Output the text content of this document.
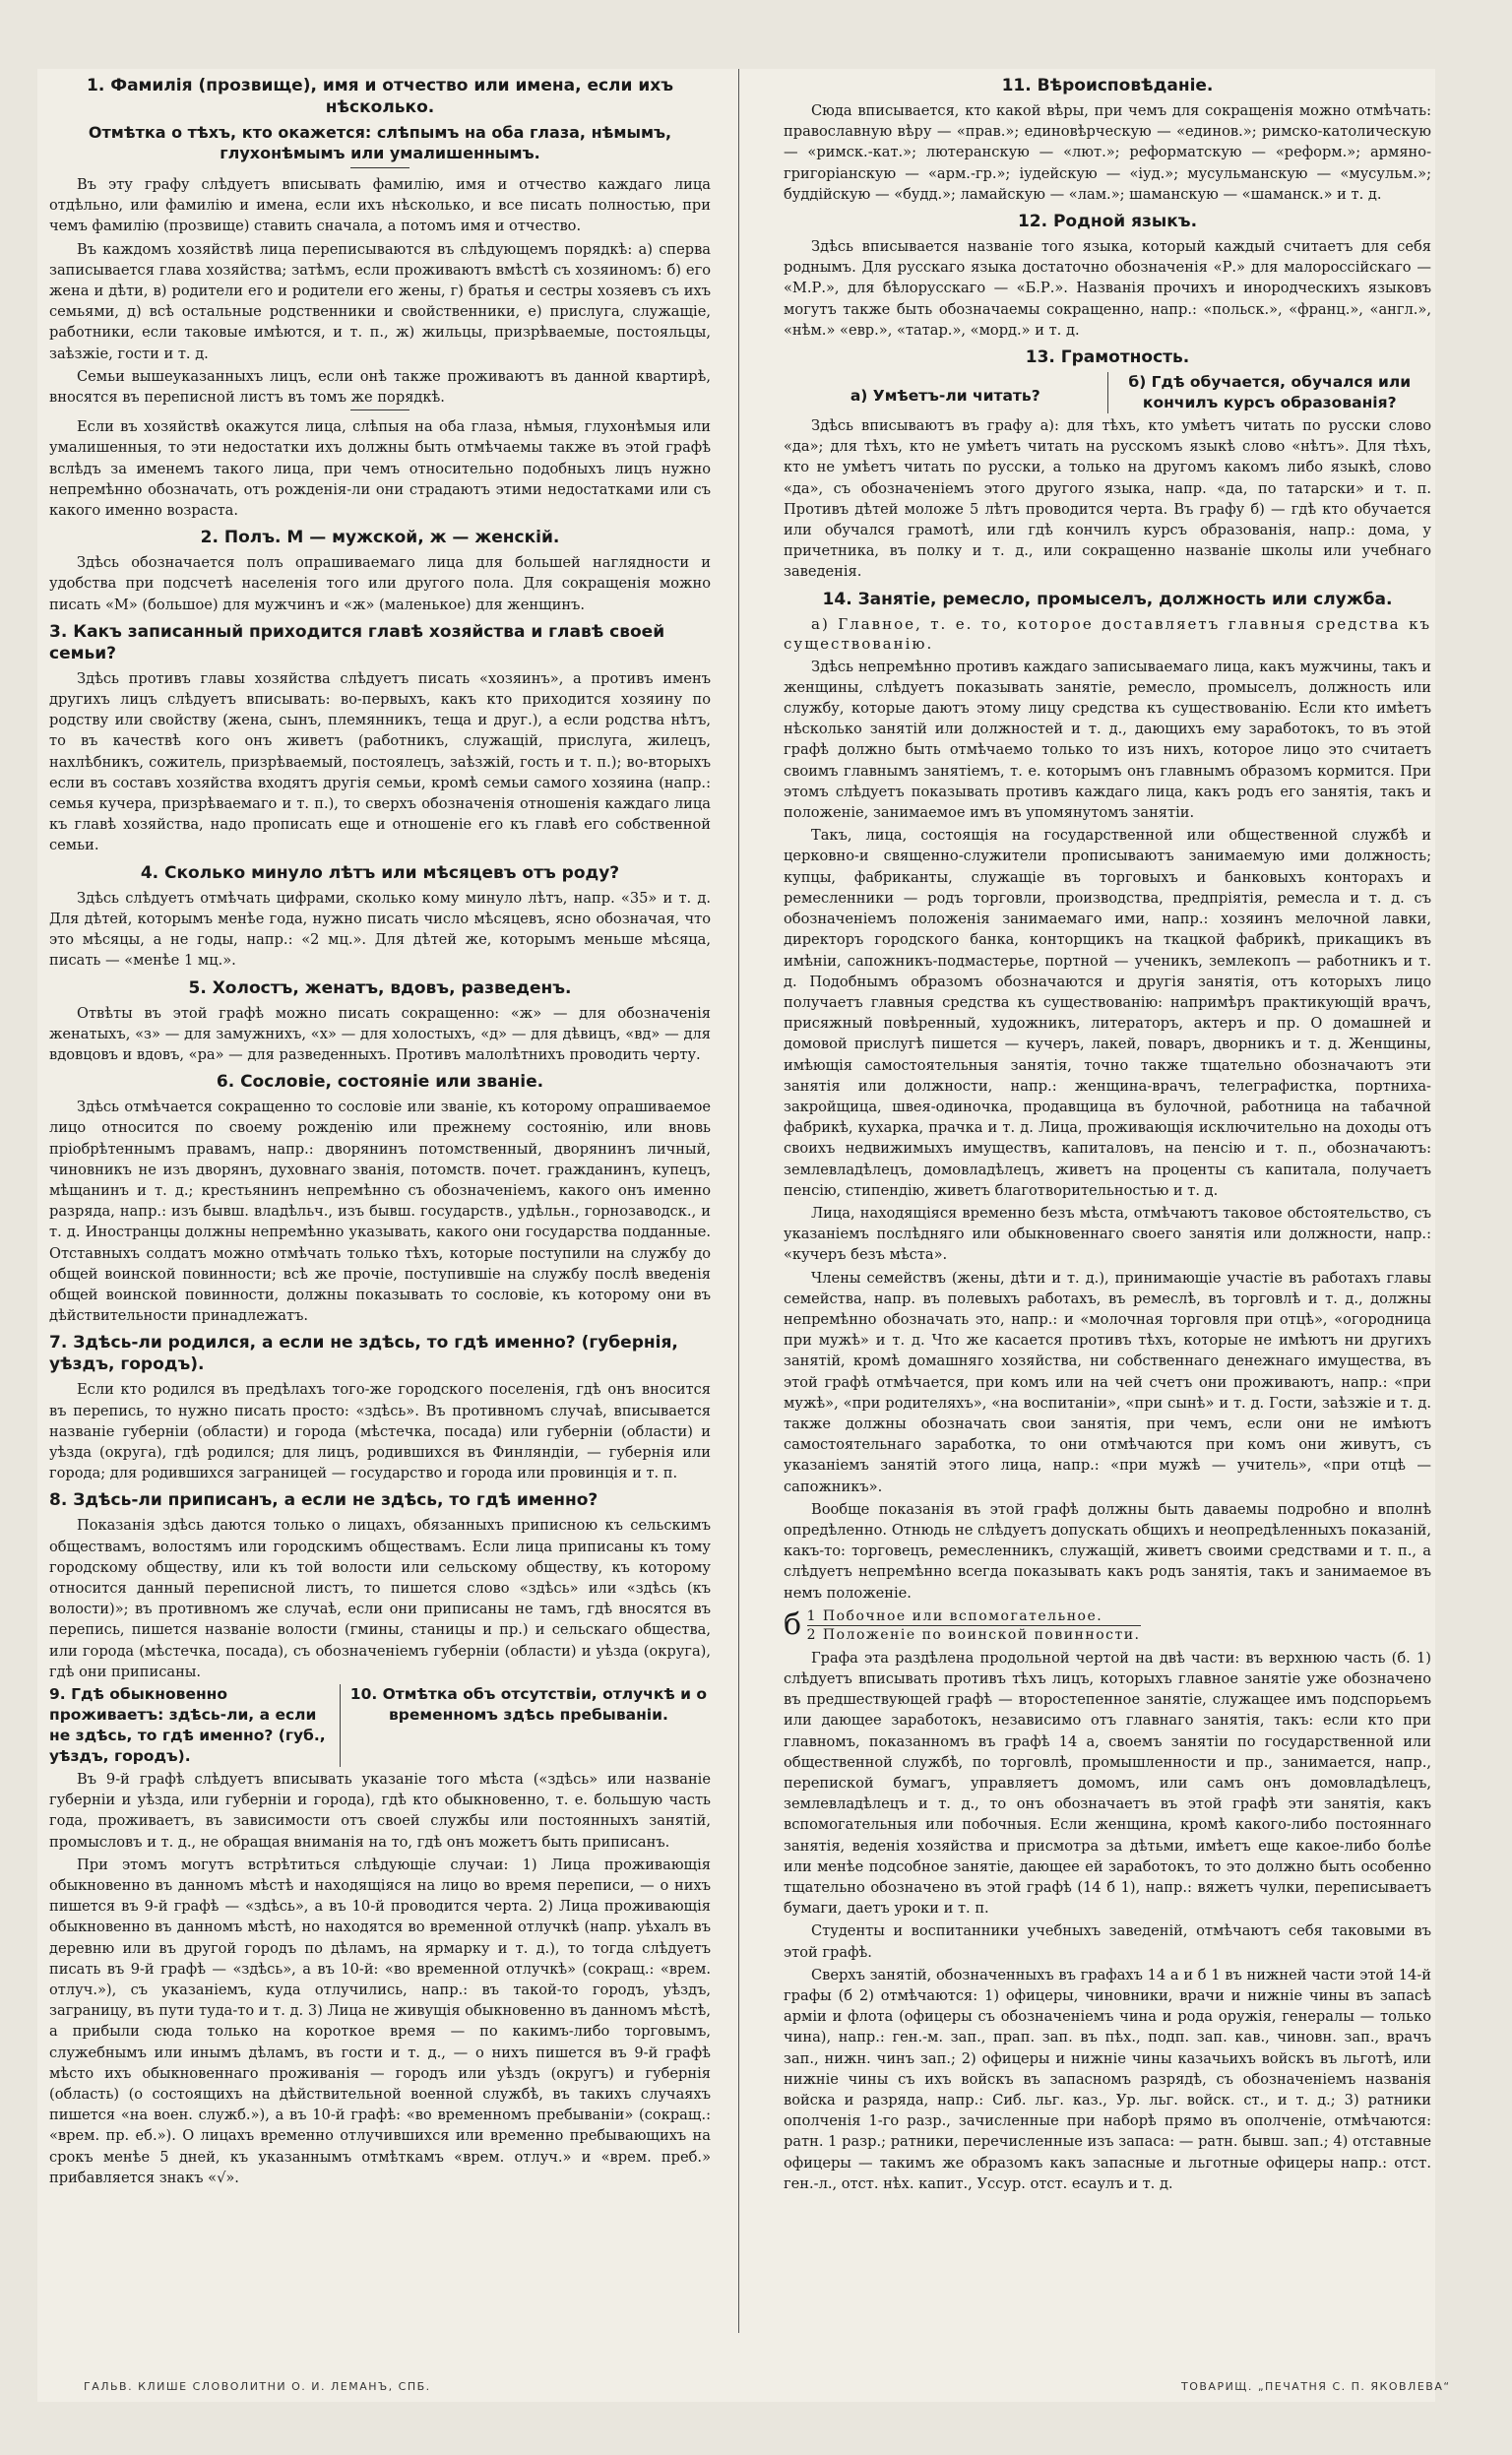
1. Фамилія (прозвище), имя и отчество или имена, если ихъ нѣсколько.
Отмѣтка о тѣхъ, кто окажется: слѣпымъ на оба глаза, нѣмымъ, глухонѣмымъ или умалишеннымъ.

Въ эту графу слѣдуетъ вписывать фамилію, имя и отчество каждаго лица отдѣльно, или фамилію и имена, если ихъ нѣсколько, и все писать полностью, при чемъ фамилію (прозвище) ставить сначала, а потомъ имя и отчество.

Въ каждомъ хозяйствѣ лица переписываются въ слѣдующемъ порядкѣ: а) сперва записывается глава хозяйства; затѣмъ, если проживаютъ вмѣстѣ съ хозяиномъ: б) его жена и дѣти, в) родители его и родители его жены, г) братья и сестры хозяевъ съ ихъ семьями, д) всѣ остальные родственники и свойственники, е) прислуга, служащіе, работники, если таковые имѣются, и т. п., ж) жильцы, призрѣваемые, постояльцы, заѣзжіе, гости и т. д.

Семьи вышеуказанныхъ лицъ, если онѣ также проживаютъ въ данной квартирѣ, вносятся въ переписной листъ въ томъ же порядкѣ.

Если въ хозяйствѣ окажутся лица, слѣпыя на оба глаза, нѣмыя, глухонѣмыя или умалишенныя, то эти недостатки ихъ должны быть отмѣчаемы также въ этой графѣ вслѣдъ за именемъ такого лица, при чемъ относительно подобныхъ лицъ нужно непремѣнно обозначать, отъ рожденія-ли они страдаютъ этими недостатками или съ какого именно возраста.

2. Полъ. М — мужской, ж — женскій.

Здѣсь обозначается полъ опрашиваемаго лица для большей наглядности и удобства при подсчетѣ населенія того или другого пола. Для сокращенія можно писать «М» (большое) для мужчинъ и «ж» (маленькое) для женщинъ.

3. Какъ записанный приходится главѣ хозяйства и главѣ своей семьи?

Здѣсь противъ главы хозяйства слѣдуетъ писать «хозяинъ», а противъ именъ другихъ лицъ слѣдуетъ вписывать: во-первыхъ, какъ кто приходится хозяину по родству или свойству (жена, сынъ, племянникъ, теща и друг.), а если родства нѣтъ, то въ качествѣ кого онъ живетъ (работникъ, служащій, прислуга, жилецъ, нахлѣбникъ, сожитель, призрѣваемый, постоялецъ, заѣзжій, гость и т. п.); во-вторыхъ если въ составъ хозяйства входятъ другія семьи, кромѣ семьи самого хозяина (напр.: семья кучера, призрѣваемаго и т. п.), то сверхъ обозначенія отношенія каждаго лица къ главѣ хозяйства, надо прописать еще и отношеніе его къ главѣ его собственной семьи.

4. Сколько минуло лѣтъ или мѣсяцевъ отъ роду?

Здѣсь слѣдуетъ отмѣчать цифрами, сколько кому минуло лѣтъ, напр. «35» и т. д. Для дѣтей, которымъ менѣе года, нужно писать число мѣсяцевъ, ясно обозначая, что это мѣсяцы, а не годы, напр.: «2 мц.». Для дѣтей же, которымъ меньше мѣсяца, писать — «менѣе 1 мц.».

5. Холостъ, женатъ, вдовъ, разведенъ.

Отвѣты въ этой графѣ можно писать сокращенно: «ж» — для обозначенія женатыхъ, «з» — для замужнихъ, «х» — для холостыхъ, «д» — для дѣвицъ, «вд» — для вдовцовъ и вдовъ, «ра» — для разведенныхъ. Противъ малолѣтнихъ проводить черту.

6. Сословіе, состояніе или званіе.

Здѣсь отмѣчается сокращенно то сословіе или званіе, къ которому опрашиваемое лицо относится по своему рожденію или прежнему состоянію, или вновь пріобрѣтеннымъ правамъ, напр.: дворянинъ потомственный, дворянинъ личный, чиновникъ не изъ дворянъ, духовнаго званія, потомств. почет. гражданинъ, купецъ, мѣщанинъ и т. д.; крестьянинъ непремѣнно съ обозначеніемъ, какого онъ именно разряда, напр.: изъ бывш. владѣльч., изъ бывш. государств., удѣльн., горнозаводск., и т. д. Иностранцы должны непремѣнно указывать, какого они государства подданные. Отставныхъ солдатъ можно отмѣчать только тѣхъ, которые поступили на службу до общей воинской повинности; всѣ же прочіе, поступившіе на службу послѣ введенія общей воинской повинности, должны показывать то сословіе, къ которому они въ дѣйствительности принадлежатъ.

7. Здѣсь-ли родился, а если не здѣсь, то гдѣ именно? (губернія, уѣздъ, городъ).

Если кто родился въ предѣлахъ того-же городского поселенія, гдѣ онъ вносится въ перепись, то нужно писать просто: «здѣсь». Въ противномъ случаѣ, вписывается названіе губерніи (области) и города (мѣстечка, посада) или губерніи (области) и уѣзда (округа), гдѣ родился; для лицъ, родившихся въ Финляндіи, — губернія или города; для родившихся заграницей — государство и города или провинція и т. п.

8. Здѣсь-ли приписанъ, а если не здѣсь, то гдѣ именно?

Показанія здѣсь даются только о лицахъ, обязанныхъ приписною къ сельскимъ обществамъ, волостямъ или городскимъ обществамъ. Если лица приписаны къ тому городскому обществу, или къ той волости или сельскому обществу, къ которому относится данный переписной листъ, то пишется слово «здѣсь» или «здѣсь (къ волости)»; въ противномъ же случаѣ, если они приписаны не тамъ, гдѣ вносятся въ перепись, пишется названіе волости (гмины, станицы и пр.) и сельскаго общества, или города (мѣстечка, посада), съ обозначеніемъ губерніи (области) и уѣзда (округа), гдѣ они приписаны.

9. Гдѣ обыкновенно проживаетъ: здѣсь-ли, а если не здѣсь, то гдѣ именно? (губ., уѣздъ, городъ).
10. Отмѣтка объ отсутствіи, отлучкѣ и о временномъ здѣсь пребываніи.

Въ 9-й графѣ слѣдуетъ вписывать указаніе того мѣста («здѣсь» или названіе губерніи и уѣзда, или губерніи и города), гдѣ кто обыкновенно, т. е. большую часть года, проживаетъ, въ зависимости отъ своей службы или постоянныхъ занятій, промысловъ и т. д., не обращая вниманія на то, гдѣ онъ можетъ быть приписанъ.

При этомъ могутъ встрѣтиться слѣдующіе случаи: 1) Лица проживающія обыкновенно въ данномъ мѣстѣ и находящіяся на лицо во время переписи, — о нихъ пишется въ 9-й графѣ — «здѣсь», а въ 10-й проводится черта. 2) Лица проживающія обыкновенно въ данномъ мѣстѣ, но находятся во временной отлучкѣ (напр. уѣхалъ въ деревню или въ другой городъ по дѣламъ, на ярмарку и т. д.), то тогда слѣдуетъ писать въ 9-й графѣ — «здѣсь», а въ 10-й: «во временной отлучкѣ» (сокращ.: «врем. отлуч.»), съ указаніемъ, куда отлучились, напр.: въ такой-то городъ, уѣздъ, заграницу, въ пути туда-то и т. д. 3) Лица не живущія обыкновенно въ данномъ мѣстѣ, а прибыли сюда только на короткое время — по какимъ-либо торговымъ, служебнымъ или инымъ дѣламъ, въ гости и т. д., — о нихъ пишется въ 9-й графѣ мѣсто ихъ обыкновеннаго проживанія — городъ или уѣздъ (округъ) и губернія (область) (о состоящихъ на дѣйствительной военной службѣ, въ такихъ случаяхъ пишется «на воен. служб.»), а въ 10-й графѣ: «во временномъ пребываніи» (сокращ.: «врем. пр. еб.»). О лицахъ временно отлучившихся или временно пребывающихъ на срокъ менѣе 5 дней, къ указаннымъ отмѣткамъ «врем. отлуч.» и «врем. преб.» прибавляется знакъ «√».

11. Вѣроисповѣданіе.

Сюда вписывается, кто какой вѣры, при чемъ для сокращенія можно отмѣчать: православную вѣру — «прав.»; единовѣрческую — «единов.»; римско-католическую — «римск.-кат.»; лютеранскую — «лют.»; реформатскую — «реформ.»; армяно-григоріанскую — «арм.-гр.»; іудейскую — «іуд.»; мусульманскую — «мусульм.»; буддійскую — «будд.»; ламайскую — «лам.»; шаманскую — «шаманск.» и т. д.

12. Родной языкъ.

Здѣсь вписывается названіе того языка, который каждый считаетъ для себя роднымъ. Для русскаго языка достаточно обозначенія «Р.» для малороссійскаго — «М.Р.», для бѣлорусскаго — «Б.Р.». Названія прочихъ и инородческихъ языковъ могутъ также быть обозначаемы сокращенно, напр.: «польск.», «франц.», «англ.», «нѣм.» «евр.», «татар.», «морд.» и т. д.

13. Грамотность.
а) Умѣетъ-ли читать?
б) Гдѣ обучается, обучался или кончилъ курсъ образованія?

Здѣсь вписываютъ въ графу а): для тѣхъ, кто умѣетъ читать по русски слово «да»; для тѣхъ, кто не умѣетъ читать на русскомъ языкѣ слово «нѣтъ». Для тѣхъ, кто не умѣетъ читать по русски, а только на другомъ какомъ либо языкѣ, слово «да», съ обозначеніемъ этого другого языка, напр. «да, по татарски» и т. п. Противъ дѣтей моложе 5 лѣтъ проводится черта. Въ графу б) — гдѣ кто обучается или обучался грамотѣ, или гдѣ кончилъ курсъ образованія, напр.: дома, у причетника, въ полку и т. д., или сокращенно названіе школы или учебнаго заведенія.

14. Занятіе, ремесло, промыселъ, должность или служба.
а) Главное, т. е. то, которое доставляетъ главныя средства къ существованію.

Здѣсь непремѣнно противъ каждаго записываемаго лица, какъ мужчины, такъ и женщины, слѣдуетъ показывать занятіе, ремесло, промыселъ, должность или службу, которые даютъ этому лицу средства къ существованію. Если кто имѣетъ нѣсколько занятій или должностей и т. д., дающихъ ему заработокъ, то въ этой графѣ должно быть отмѣчаемо только то изъ нихъ, которое лицо это считаетъ своимъ главнымъ занятіемъ, т. е. которымъ онъ главнымъ образомъ кормится. При этомъ слѣдуетъ показывать противъ каждаго лица, какъ родъ его занятія, такъ и положеніе, занимаемое имъ въ упомянутомъ занятіи.

Такъ, лица, состоящія на государственной или общественной службѣ и церковно-и священно-служители прописываютъ занимаемую ими должность; купцы, фабриканты, служащіе въ торговыхъ и банковыхъ конторахъ и ремесленники — родъ торговли, производства, предпріятія, ремесла и т. д. съ обозначеніемъ положенія занимаемаго ими, напр.: хозяинъ мелочной лавки, директоръ городского банка, конторщикъ на ткацкой фабрикѣ, прикащикъ въ имѣніи, сапожникъ-подмастерье, портной — ученикъ, землекопъ — работникъ и т. д. Подобнымъ образомъ обозначаются и другія занятія, отъ которыхъ лицо получаетъ главныя средства къ существованію: напримѣръ практикующій врачъ, присяжный повѣренный, художникъ, литераторъ, актеръ и пр. О домашней и домовой прислугѣ пишется — кучеръ, лакей, поваръ, дворникъ и т. д. Женщины, имѣющія самостоятельныя занятія, точно также тщательно обозначаютъ эти занятія или должности, напр.: женщина-врачъ, телеграфистка, портниха-закройщица, швея-одиночка, продавщица въ булочной, работница на табачной фабрикѣ, кухарка, прачка и т. д. Лица, проживающія исключительно на доходы отъ своихъ недвижимыхъ имуществъ, капиталовъ, на пенсію и т. п., обозначаютъ: землевладѣлецъ, домовладѣлецъ, живетъ на проценты съ капитала, получаетъ пенсію, стипендію, живетъ благотворительностью и т. д.

Лица, находящіяся временно безъ мѣста, отмѣчаютъ таковое обстоятельство, съ указаніемъ послѣдняго или обыкновеннаго своего занятія или должности, напр.: «кучеръ безъ мѣста».

Члены семействъ (жены, дѣти и т. д.), принимающіе участіе въ работахъ главы семейства, напр. въ полевыхъ работахъ, въ ремеслѣ, въ торговлѣ и т. д., должны непремѣнно обозначать это, напр.: и «молочная торговля при отцѣ», «огородница при мужѣ» и т. д. Что же касается противъ тѣхъ, которые не имѣютъ ни другихъ занятій, кромѣ домашняго хозяйства, ни собственнаго денежнаго имущества, въ этой графѣ отмѣчается, при комъ или на чей счетъ они проживаютъ, напр.: «при мужѣ», «при родителяхъ», «на воспитаніи», «при сынѣ» и т. д. Гости, заѣзжіе и т. д. также должны обозначать свои занятія, при чемъ, если они не имѣютъ самостоятельнаго заработка, то они отмѣчаются при комъ они живутъ, съ указаніемъ занятій этого лица, напр.: «при мужѣ — учитель», «при отцѣ — сапожникъ».

Вообще показанія въ этой графѣ должны быть даваемы подробно и вполнѣ опредѣленно. Отнюдь не слѣдуетъ допускать общихъ и неопредѣленныхъ показаній, какъ-то: торговецъ, ремесленникъ, служащій, живетъ своими средствами и т. п., а слѣдуетъ непремѣнно всегда показывать какъ родъ занятія, такъ и занимаемое въ немъ положеніе.

б 1 Побочное или вспомогательное.
2 Положеніе по воинской повинности.

Графа эта раздѣлена продольной чертой на двѣ части: въ верхнюю часть (б. 1) слѣдуетъ вписывать противъ тѣхъ лицъ, которыхъ главное занятіе уже обозначено въ предшествующей графѣ — второстепенное занятіе, служащее имъ подспорьемъ или дающее заработокъ, независимо отъ главнаго занятія, такъ: если кто при главномъ, показанномъ въ графѣ 14 а, своемъ занятіи по государственной или общественной службѣ, по торговлѣ, промышленности и пр., занимается, напр., перепиской бумагъ, управляетъ домомъ, или самъ онъ домовладѣлецъ, землевладѣлецъ и т. д., то онъ обозначаетъ въ этой графѣ эти занятія, какъ вспомогательныя или побочныя. Если женщина, кромѣ какого-либо постояннаго занятія, веденія хозяйства и присмотра за дѣтьми, имѣетъ еще какое-либо болѣе или менѣе подсобное занятіе, дающее ей заработокъ, то это должно быть особенно тщательно обозначено въ этой графѣ (14 б 1), напр.: вяжетъ чулки, переписываетъ бумаги, даетъ уроки и т. п.

Студенты и воспитанники учебныхъ заведеній, отмѣчаютъ себя таковыми въ этой графѣ.

Сверхъ занятій, обозначенныхъ въ графахъ 14 а и б 1 въ нижней части этой 14-й графы (б 2) отмѣчаются: 1) офицеры, чиновники, врачи и нижніе чины въ запасѣ арміи и флота (офицеры съ обозначеніемъ чина и рода оружія, генералы — только чина), напр.: ген.-м. зап., прап. зап. въ пѣх., подп. зап. кав., чиновн. зап., врачъ зап., нижн. чинъ зап.; 2) офицеры и нижніе чины казачьихъ войскъ въ льготѣ, или нижніе чины съ ихъ войскъ въ запасномъ разрядѣ, съ обозначеніемъ названія войска и разряда, напр.: Сиб. льг. каз., Ур. льг. войск. ст., и т. д.; 3) ратники ополченія 1-го разр., зачисленные при наборѣ прямо въ ополченіе, отмѣчаются: ратн. 1 разр.; ратники, перечисленные изъ запаса: — ратн. бывш. зап.; 4) отставные офицеры — такимъ же образомъ какъ запасные и льготные офицеры напр.: отст. ген.-л., отст. нѣх. капит., Уссур. отст. есаулъ и т. д.

ГАЛЬВ. КЛИШЕ СЛОВОЛИТНИ О. И. ЛЕМАНЪ, СПБ.	ТОВАРИЩ. „ПЕЧАТНЯ С. П. ЯКОВЛЕВА“
